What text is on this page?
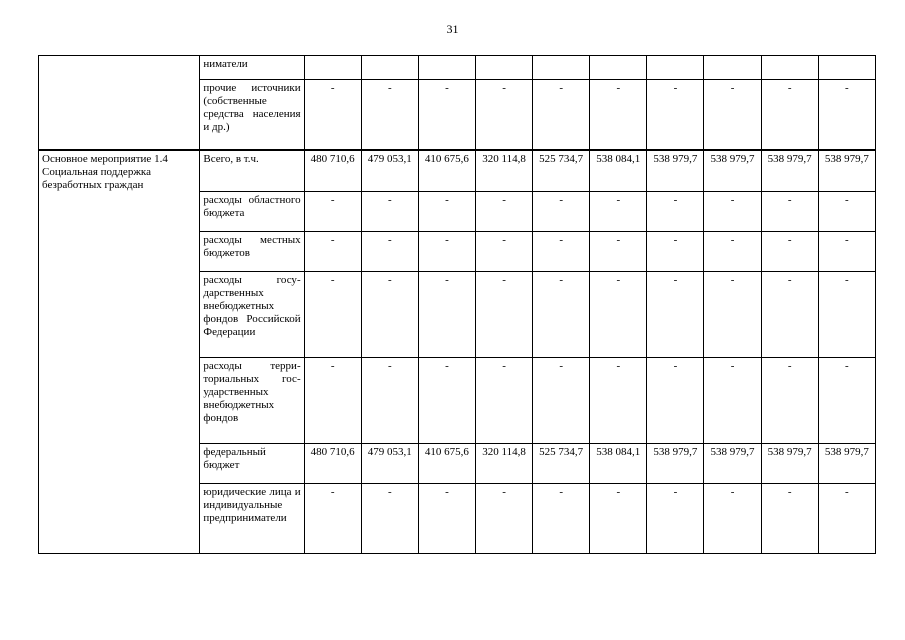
31
	ниматели										
	прочие источники (собственные средства населения и др.)	-	-	-	-	-	-	-	-	-	-
Основное мероприятие 1.4 Социальная поддержка безработных граждан	Всего, в т.ч.	480 710,6	479 053,1	410 675,6	320 114,8	525 734,7	538 084,1	538 979,7	538 979,7	538 979,7	538 979,7
	расходы областного бюджета	-	-	-	-	-	-	-	-	-	-
	расходы местных бюджетов	-	-	-	-	-	-	-	-	-	-
	расходы государственных внебюджетных фондов Российской Федерации	-	-	-	-	-	-	-	-	-	-
	расходы территориальных государственных внебюджетных фондов	-	-	-	-	-	-	-	-	-	-
	федеральный бюджет	480 710,6	479 053,1	410 675,6	320 114,8	525 734,7	538 084,1	538 979,7	538 979,7	538 979,7	538 979,7
	юридические лица и индивидуальные предприниматели	-	-	-	-	-	-	-	-	-	-
